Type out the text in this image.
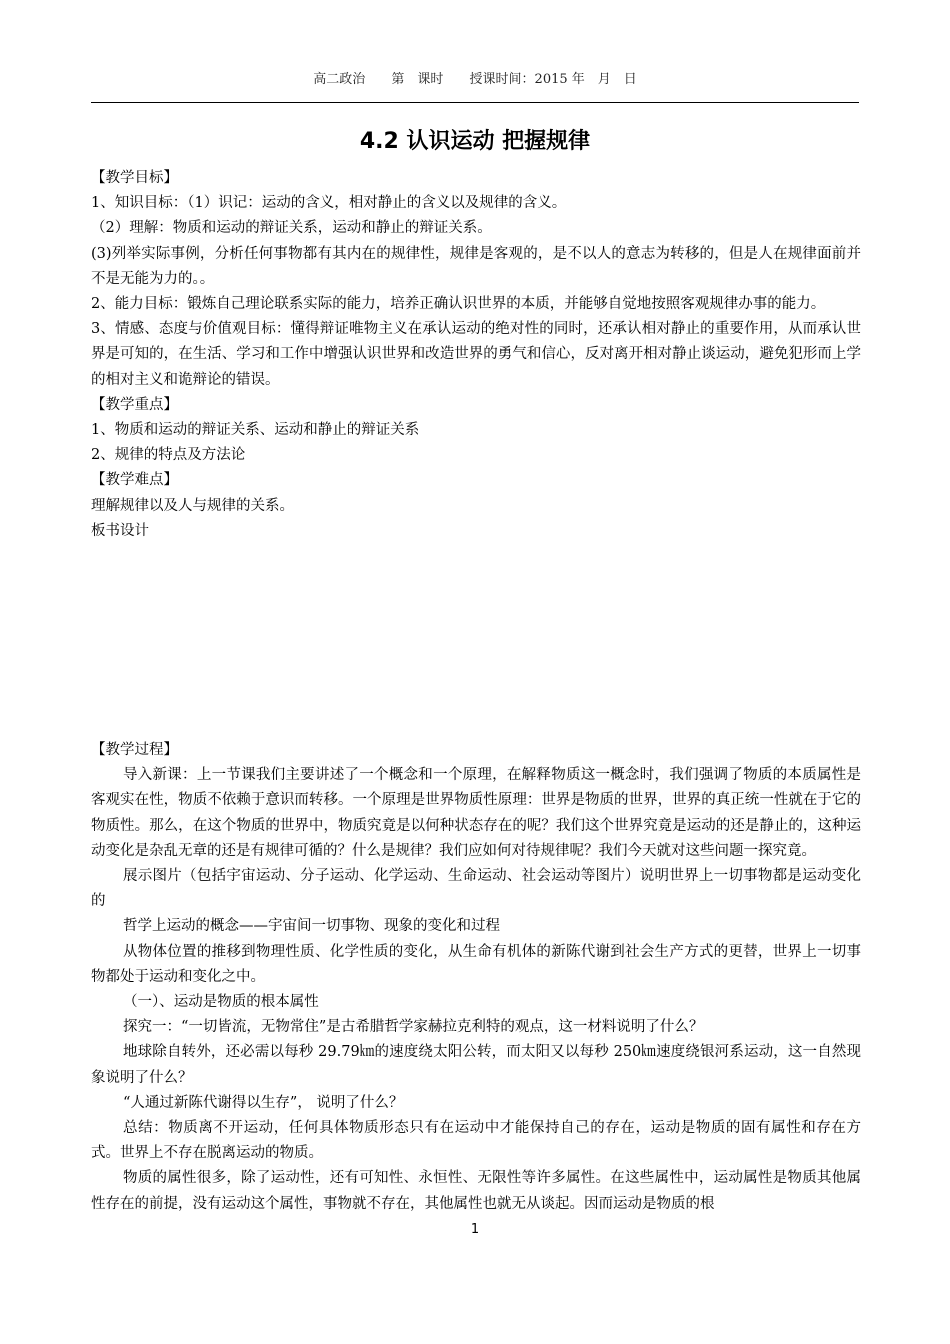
高二政治 第　课时 授课时间：2015 年　月　日
4.2 认识运动 把握规律

【教学目标】

1、知识目标：（1）识记：运动的含义，相对静止的含义以及规律的含义。

（2）理解：物质和运动的辩证关系，运动和静止的辩证关系。

(3)列举实际事例，分析任何事物都有其内在的规律性，规律是客观的，是不以人的意志为转移的，但是人在规律面前并不是无能为力的。。

2、能力目标：锻炼自己理论联系实际的能力，培养正确认识世界的本质，并能够自觉地按照客观规律办事的能力。

3、情感、态度与价值观目标：懂得辩证唯物主义在承认运动的绝对性的同时，还承认相对静止的重要作用，从而承认世界是可知的，在生活、学习和工作中增强认识世界和改造世界的勇气和信心，反对离开相对静止谈运动，避免犯形而上学的相对主义和诡辩论的错误。

【教学重点】

1、物质和运动的辩证关系、运动和静止的辩证关系

2、规律的特点及方法论

【教学难点】

理解规律以及人与规律的关系。

板书设计

【教学过程】

导入新课：上一节课我们主要讲述了一个概念和一个原理，在解释物质这一概念时，我们强调了物质的本质属性是客观实在性，物质不依赖于意识而转移。一个原理是世界物质性原理：世界是物质的世界，世界的真正统一性就在于它的物质性。那么，在这个物质的世界中，物质究竟是以何种状态存在的呢？我们这个世界究竟是运动的还是静止的，这种运动变化是杂乱无章的还是有规律可循的？什么是规律？我们应如何对待规律呢？我们今天就对这些问题一探究竟。

展示图片（包括宇宙运动、分子运动、化学运动、生命运动、社会运动等图片）说明世界上一切事物都是运动变化的

哲学上运动的概念——宇宙间一切事物、现象的变化和过程

从物体位置的推移到物理性质、化学性质的变化，从生命有机体的新陈代谢到社会生产方式的更替，世界上一切事物都处于运动和变化之中。

（一）、运动是物质的根本属性

探究一：“一切皆流，无物常住”是古希腊哲学家赫拉克利特的观点，这一材料说明了什么？

地球除自转外，还必需以每秒 29.79㎞的速度绕太阳公转，而太阳又以每秒 250㎞速度绕银河系运动，这一自然现象说明了什么？

“人通过新陈代谢得以生存”， 说明了什么？

总结：物质离不开运动，任何具体物质形态只有在运动中才能保持自己的存在，运动是物质的固有属性和存在方式。世界上不存在脱离运动的物质。

物质的属性很多，除了运动性，还有可知性、永恒性、无限性等许多属性。在这些属性中，运动属性是物质其他属性存在的前提，没有运动这个属性，事物就不存在，其他属性也就无从谈起。因而运动是物质的根

1
